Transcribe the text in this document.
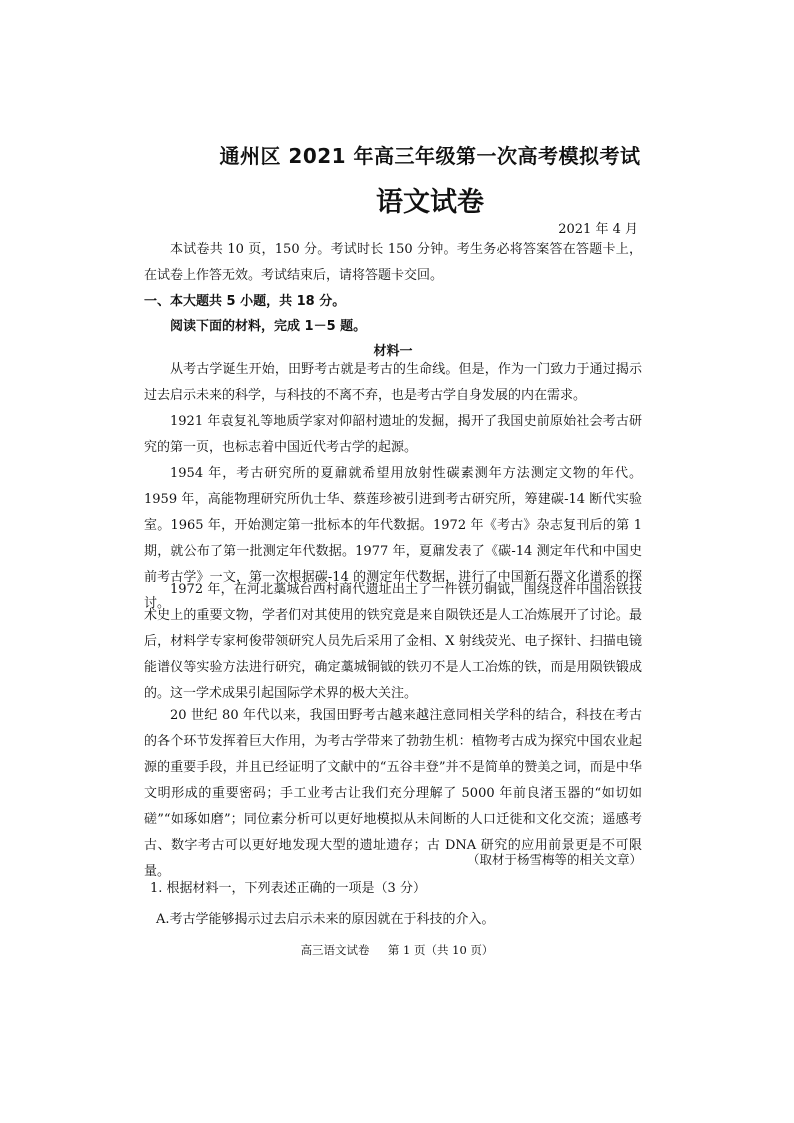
通州区 2021 年高三年级第一次高考模拟考试
语文试卷
2021 年 4 月

本试卷共 10 页，150 分。考试时长 150 分钟。考生务必将答案答在答题卡上，在试卷上作答无效。考试结束后，请将答题卡交回。

一、本大题共 5 小题，共 18 分。
阅读下面的材料，完成 1－5 题。
材料一

从考古学诞生开始，田野考古就是考古的生命线。但是，作为一门致力于通过揭示过去启示未来的科学，与科技的不离不弃，也是考古学自身发展的内在需求。

1921 年袁复礼等地质学家对仰韶村遗址的发掘，揭开了我国史前原始社会考古研究的第一页，也标志着中国近代考古学的起源。

1954 年，考古研究所的夏鼐就希望用放射性碳素测年方法测定文物的年代。1959 年，高能物理研究所仇士华、蔡莲珍被引进到考古研究所，筹建碳-14 断代实验室。1965 年，开始测定第一批标本的年代数据。1972 年《考古》杂志复刊后的第 1 期，就公布了第一批测定年代数据。1977 年，夏鼐发表了《碳-14 测定年代和中国史前考古学》一文，第一次根据碳-14 的测定年代数据，进行了中国新石器文化谱系的探讨。

1972 年，在河北藁城台西村商代遗址出土了一件铁刃铜钺，围绕这件中国冶铁技术史上的重要文物，学者们对其使用的铁究竟是来自陨铁还是人工冶炼展开了讨论。最后，材料学专家柯俊带领研究人员先后采用了金相、X 射线荧光、电子探针、扫描电镜能谱仪等实验方法进行研究，确定藁城铜钺的铁刃不是人工冶炼的铁，而是用陨铁锻成的。这一学术成果引起国际学术界的极大关注。

20 世纪 80 年代以来，我国田野考古越来越注意同相关学科的结合，科技在考古的各个环节发挥着巨大作用，为考古学带来了勃勃生机：植物考古成为探究中国农业起源的重要手段，并且已经证明了文献中的“五谷丰登”并不是简单的赞美之词，而是中华文明形成的重要密码；手工业考古让我们充分理解了 5000 年前良渚玉器的“如切如磋”“如琢如磨”；同位素分析可以更好地模拟从未间断的人口迁徙和文化交流；遥感考古、数字考古可以更好地发现大型的遗址遗存；古 DNA 研究的应用前景更是不可限量。

（取材于杨雪梅等的相关文章）
1. 根据材料一，下列表述正确的一项是（3 分）
A.考古学能够揭示过去启示未来的原因就在于科技的介入。
高三语文试卷     第 1 页（共 10 页）
